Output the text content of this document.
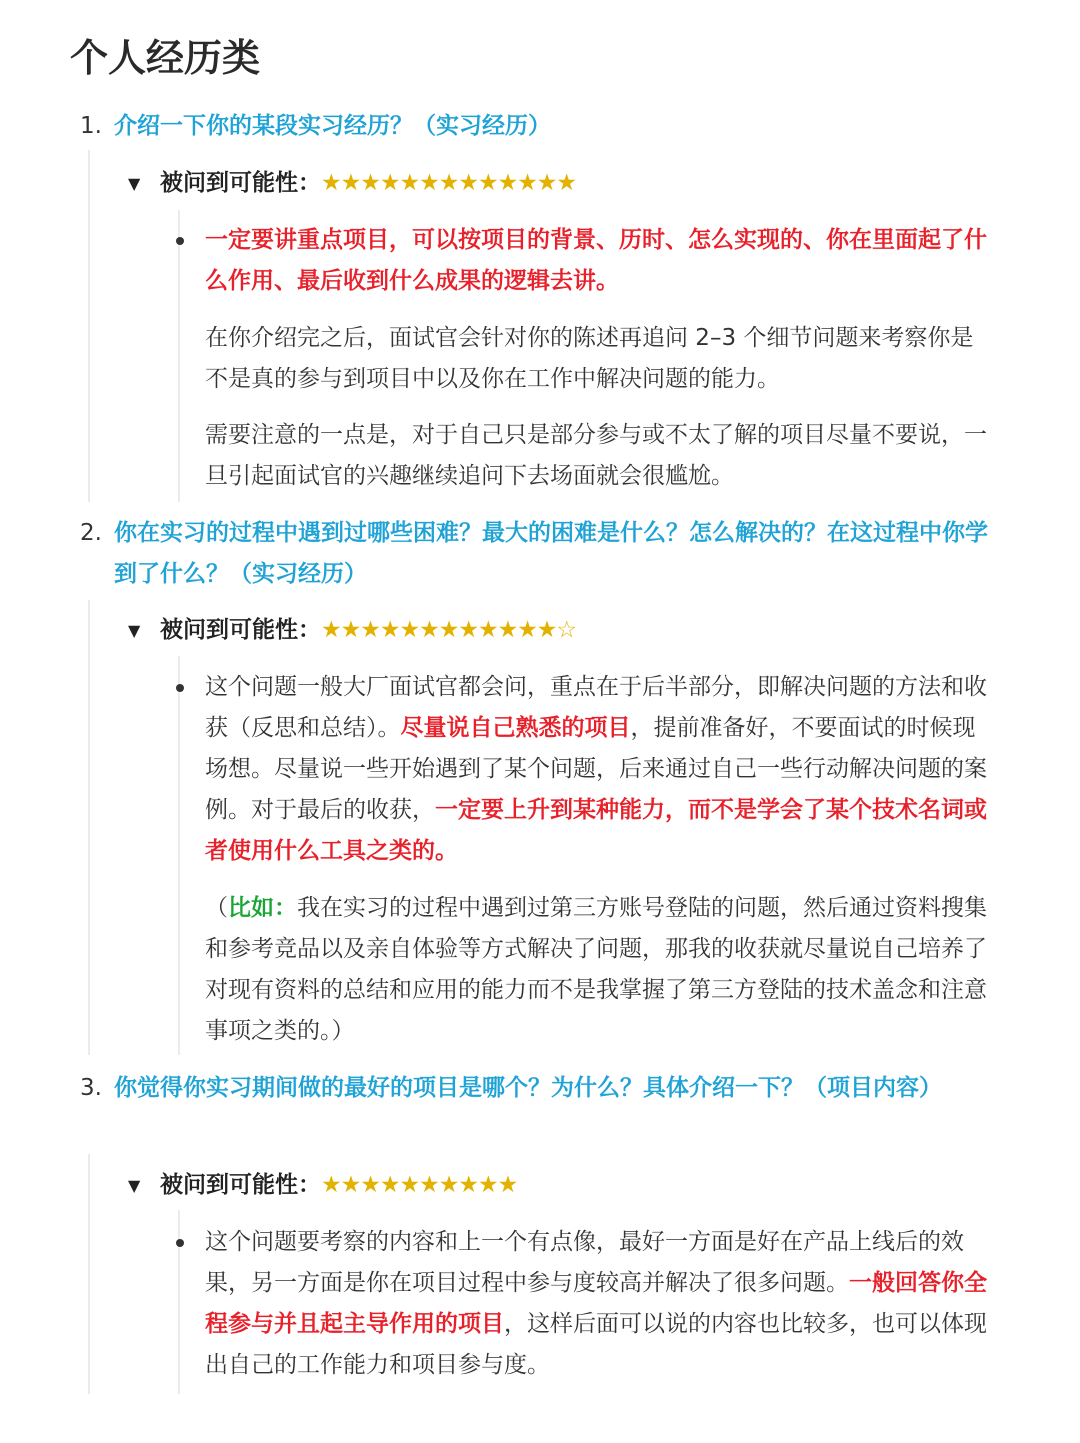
个人经历类
1. 介绍一下你的某段实习经历？（实习经历）

▼ 被问到可能性：★★★★★★★★★★★★★

一定要讲重点项目，可以按项目的背景、历时、怎么实现的、你在里面起了什么作用、最后收到什么成果的逻辑去讲。

在你介绍完之后，面试官会针对你的陈述再追问 2–3 个细节问题来考察你是不是真的参与到项目中以及你在工作中解决问题的能力。

需要注意的一点是，对于自己只是部分参与或不太了解的项目尽量不要说，一旦引起面试官的兴趣继续追问下去场面就会很尴尬。

2. 你在实习的过程中遇到过哪些困难？最大的困难是什么？怎么解决的？在这过程中你学到了什么？（实习经历）

▼ 被问到可能性：★★★★★★★★★★★★☆

这个问题一般大厂面试官都会问，重点在于后半部分，即解决问题的方法和收获（反思和总结）。尽量说自己熟悉的项目，提前准备好，不要面试的时候现场想。尽量说一些开始遇到了某个问题，后来通过自己一些行动解决问题的案例。对于最后的收获，一定要上升到某种能力，而不是学会了某个技术名词或者使用什么工具之类的。

（比如：我在实习的过程中遇到过第三方账号登陆的问题，然后通过资料搜集和参考竞品以及亲自体验等方式解决了问题，那我的收获就尽量说自己培养了对现有资料的总结和应用的能力而不是我掌握了第三方登陆的技术盖念和注意事项之类的。）

3. 你觉得你实习期间做的最好的项目是哪个？为什么？具体介绍一下？（项目内容）

▼ 被问到可能性：★★★★★★★★★★

这个问题要考察的内容和上一个有点像，最好一方面是好在产品上线后的效果，另一方面是你在项目过程中参与度较高并解决了很多问题。一般回答你全程参与并且起主导作用的项目，这样后面可以说的内容也比较多，也可以体现出自己的工作能力和项目参与度。
